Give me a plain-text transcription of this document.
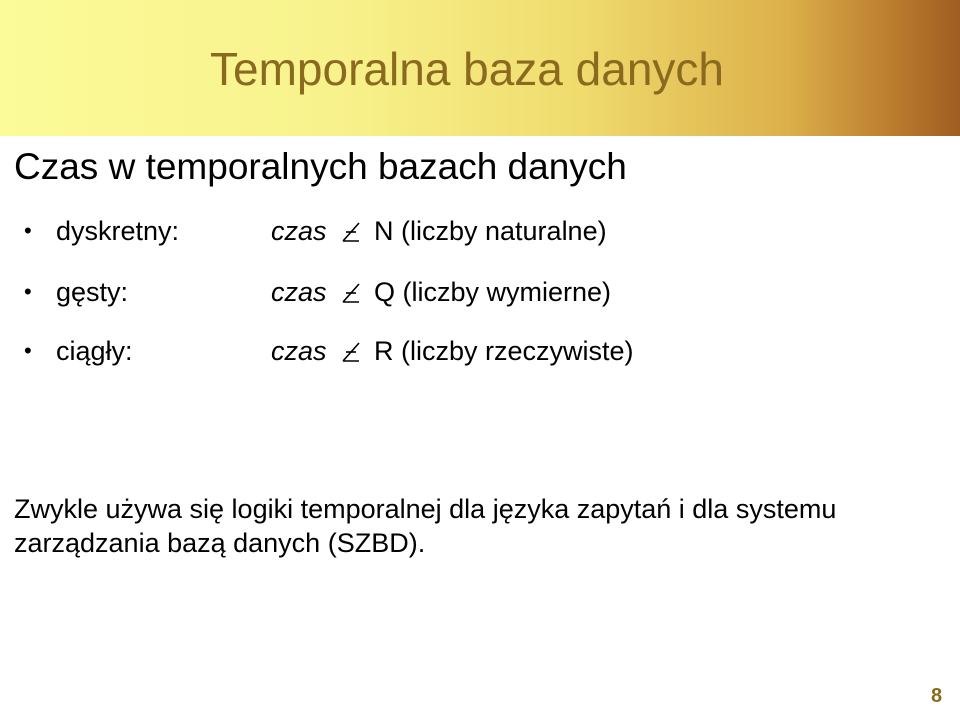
Temporalna baza danych
Czas w temporalnych bazach danych
• dyskretny:	czas N (liczby naturalne)
• gęsty:	czas Q (liczby wymierne)
• ciągły:	czas R (liczby rzeczywiste)
Zwykle używa się logiki temporalnej dla języka zapytań i dla systemu zarządzania bazą danych (SZBD).
8
